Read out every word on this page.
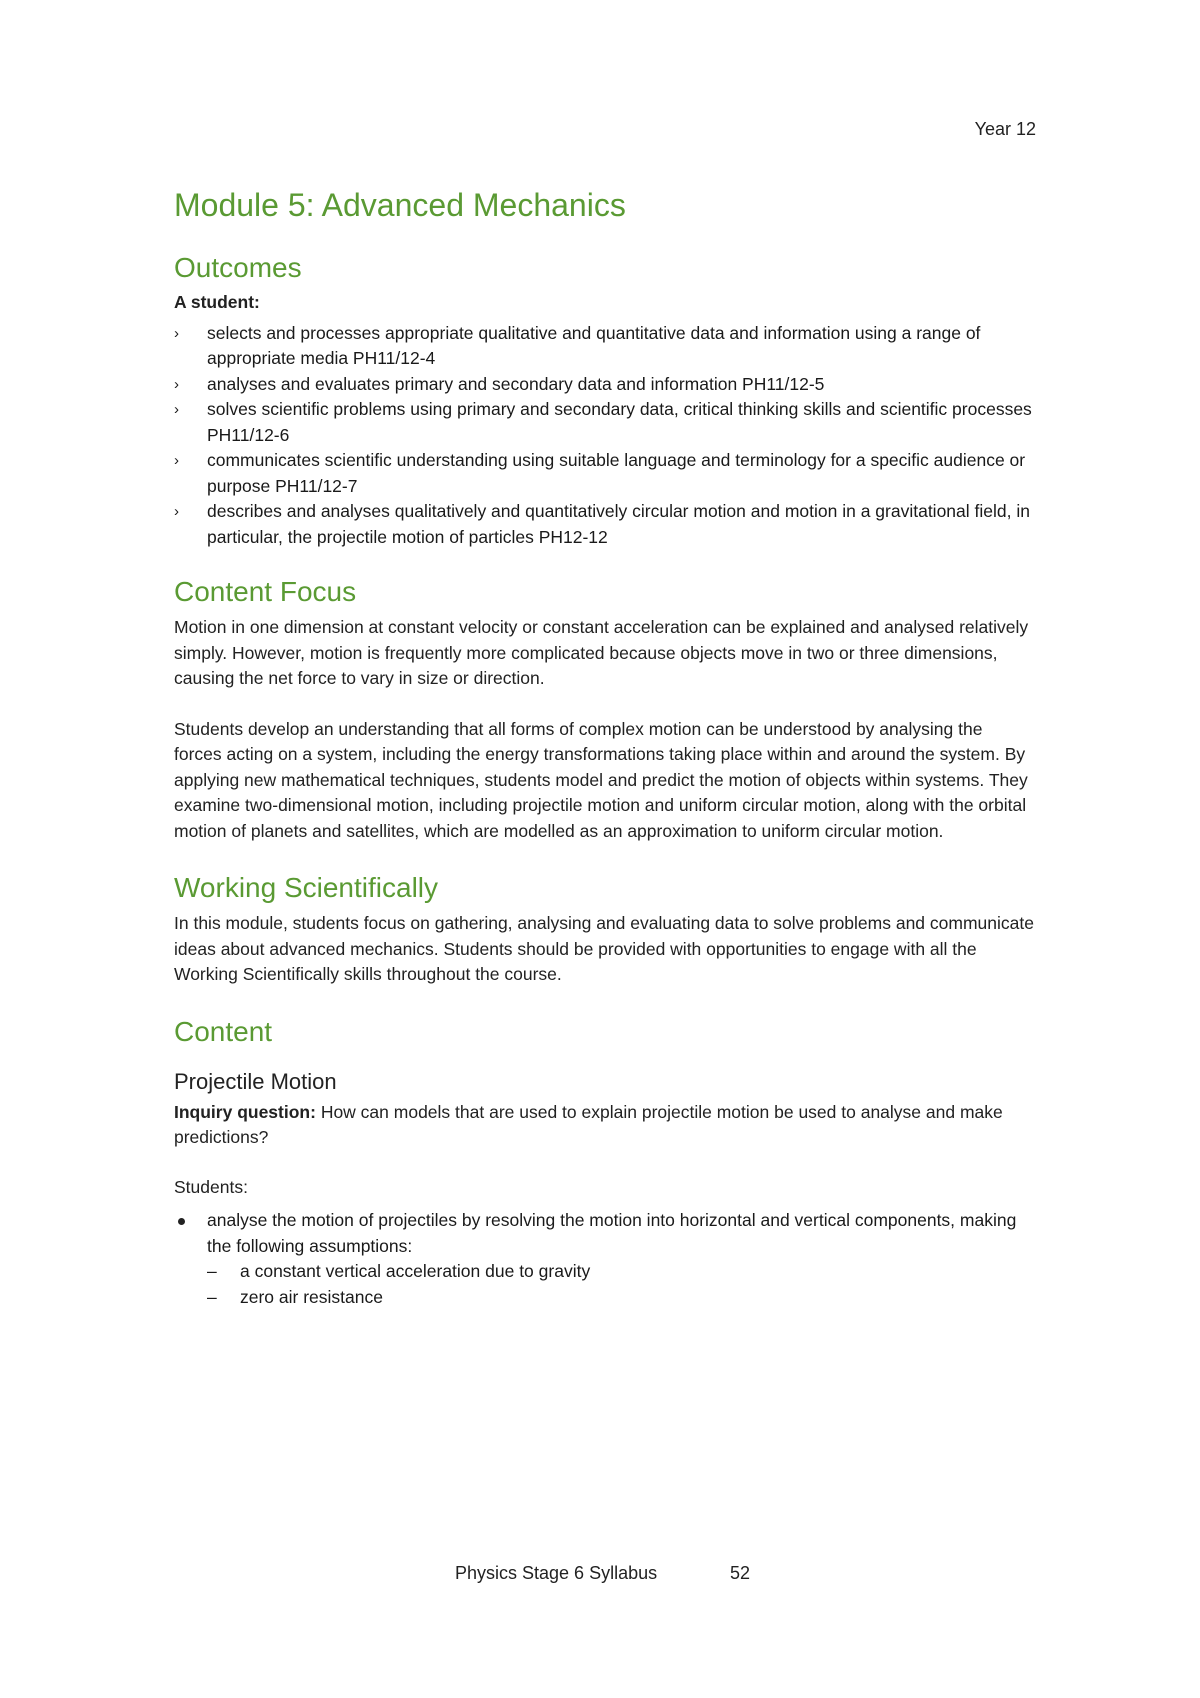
Year 12
Module 5: Advanced Mechanics
Outcomes

A student:

› selects and processes appropriate qualitative and quantitative data and information using a range of appropriate media PH11/12-4
› analyses and evaluates primary and secondary data and information PH11/12-5
› solves scientific problems using primary and secondary data, critical thinking skills and scientific processes PH11/12-6
› communicates scientific understanding using suitable language and terminology for a specific audience or purpose PH11/12-7
› describes and analyses qualitatively and quantitatively circular motion and motion in a gravitational field, in particular, the projectile motion of particles PH12-12
Content Focus

Motion in one dimension at constant velocity or constant acceleration can be explained and analysed relatively simply. However, motion is frequently more complicated because objects move in two or three dimensions, causing the net force to vary in size or direction.

Students develop an understanding that all forms of complex motion can be understood by analysing the forces acting on a system, including the energy transformations taking place within and around the system. By applying new mathematical techniques, students model and predict the motion of objects within systems. They examine two-dimensional motion, including projectile motion and uniform circular motion, along with the orbital motion of planets and satellites, which are modelled as an approximation to uniform circular motion.

Working Scientifically

In this module, students focus on gathering, analysing and evaluating data to solve problems and communicate ideas about advanced mechanics. Students should be provided with opportunities to engage with all the Working Scientifically skills throughout the course.

Content
Projectile Motion

Inquiry question: How can models that are used to explain projectile motion be used to analyse and make predictions?

Students:

analyse the motion of projectiles by resolving the motion into horizontal and vertical components, making the following assumptions:
– a constant vertical acceleration due to gravity
– zero air resistance
Physics Stage 6 Syllabus	52
